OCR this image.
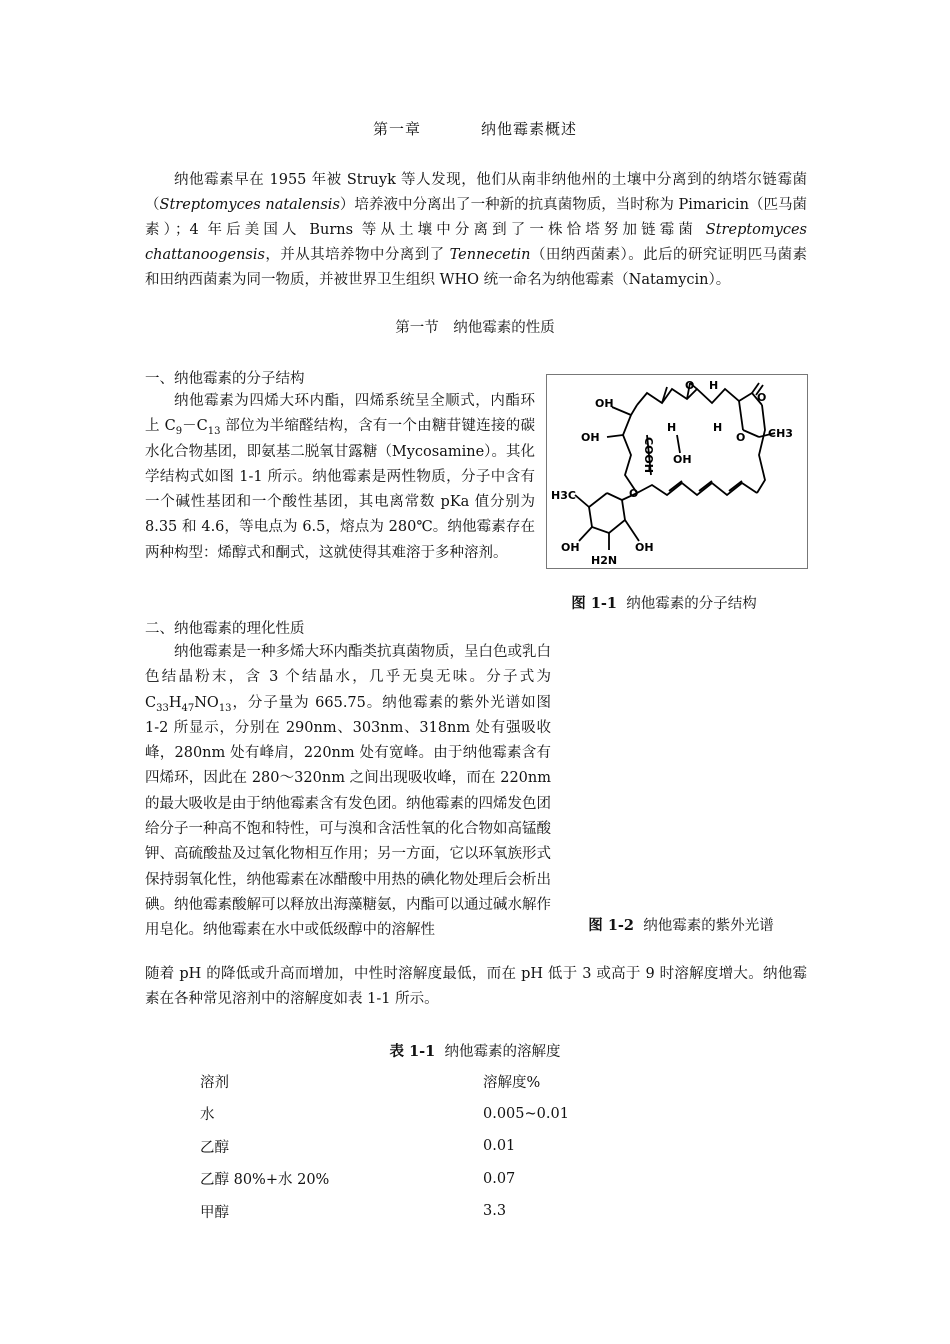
第一章	纳他霉素概述

纳他霉素早在 1955 年被 Struyk 等人发现，他们从南非纳他州的土壤中分离到的纳塔尔链霉菌（Streptomyces natalensis）培养液中分离出了一种新的抗真菌物质，当时称为 Pimaricin（匹马菌素）；4 年后美国人 Burns 等从土壤中分离到了一株恰塔努加链霉菌 Streptomyces chattanoogensis，并从其培养物中分离到了 Tennecetin（田纳西菌素）。此后的研究证明匹马菌素和田纳西菌素为同一物质，并被世界卫生组织 WHO 统一命名为纳他霉素（Natamycin）。

第一节　纳他霉素的性质

一、纳他霉素的分子结构

纳他霉素为四烯大环内酯，四烯系统呈全顺式，内酯环上 $C_9-C_{13}$ 部位为半缩醛结构，含有一个由糖苷键连接的碳水化合物基团，即氨基二脱氧甘露糖（Mycosamine）。其化学结构式如图 1-1 所示。纳他霉素是两性物质，分子中含有一个碱性基团和一个酸性基团，其电离常数 pKa 值分别为 8.35 和 4.6，等电点为 6.5，熔点为 280℃。纳他霉素存在两种构型：烯醇式和酮式，这就使得其难溶于多种溶剂。

OH
OH
O H
H
H
O
O CH3
OH
H3C
OH	OH
H2N
O
COOH
图 1-1 纳他霉素的分子结构

二、纳他霉素的理化性质

纳他霉素是一种多烯大环内酯类抗真菌物质，呈白色或乳白色结晶粉末，含 3 个结晶水，几乎无臭无味。分子式为 $C_{33}H_{47}NO_{13}$，分子量为 665.75。纳他霉素的紫外光谱如图 1-2 所显示，分别在 290nm、303nm、318nm 处有强吸收峰，280nm 处有峰肩，220nm 处有宽峰。由于纳他霉素含有四烯环，因此在 280～320nm 之间出现吸收峰，而在 220nm 的最大吸收是由于纳他霉素含有发色团。纳他霉素的四烯发色团给分子一种高不饱和特性，可与溴和含活性氧的化合物如高锰酸钾、高硫酸盐及过氧化物相互作用；另一方面，它以环氧族形式保持弱氧化性，纳他霉素在冰醋酸中用热的碘化物处理后会析出碘。纳他霉素酸解可以释放出海藻糖氨，内酯可以通过碱水解作用皂化。纳他霉素在水中或低级醇中的溶解性	图 1-2 纳他霉素的紫外光谱

随着 pH 的降低或升高而增加，中性时溶解度最低，而在 pH 低于 3 或高于 9 时溶解度增大。纳他霉素在各种常见溶剂中的溶解度如表 1-1 所示。

表 1-1 纳他霉素的溶解度
溶剂	溶解度%
水	0.005~0.01
乙醇	0.01
乙醇 80%+水 20%	0.07
甲醇	3.3
